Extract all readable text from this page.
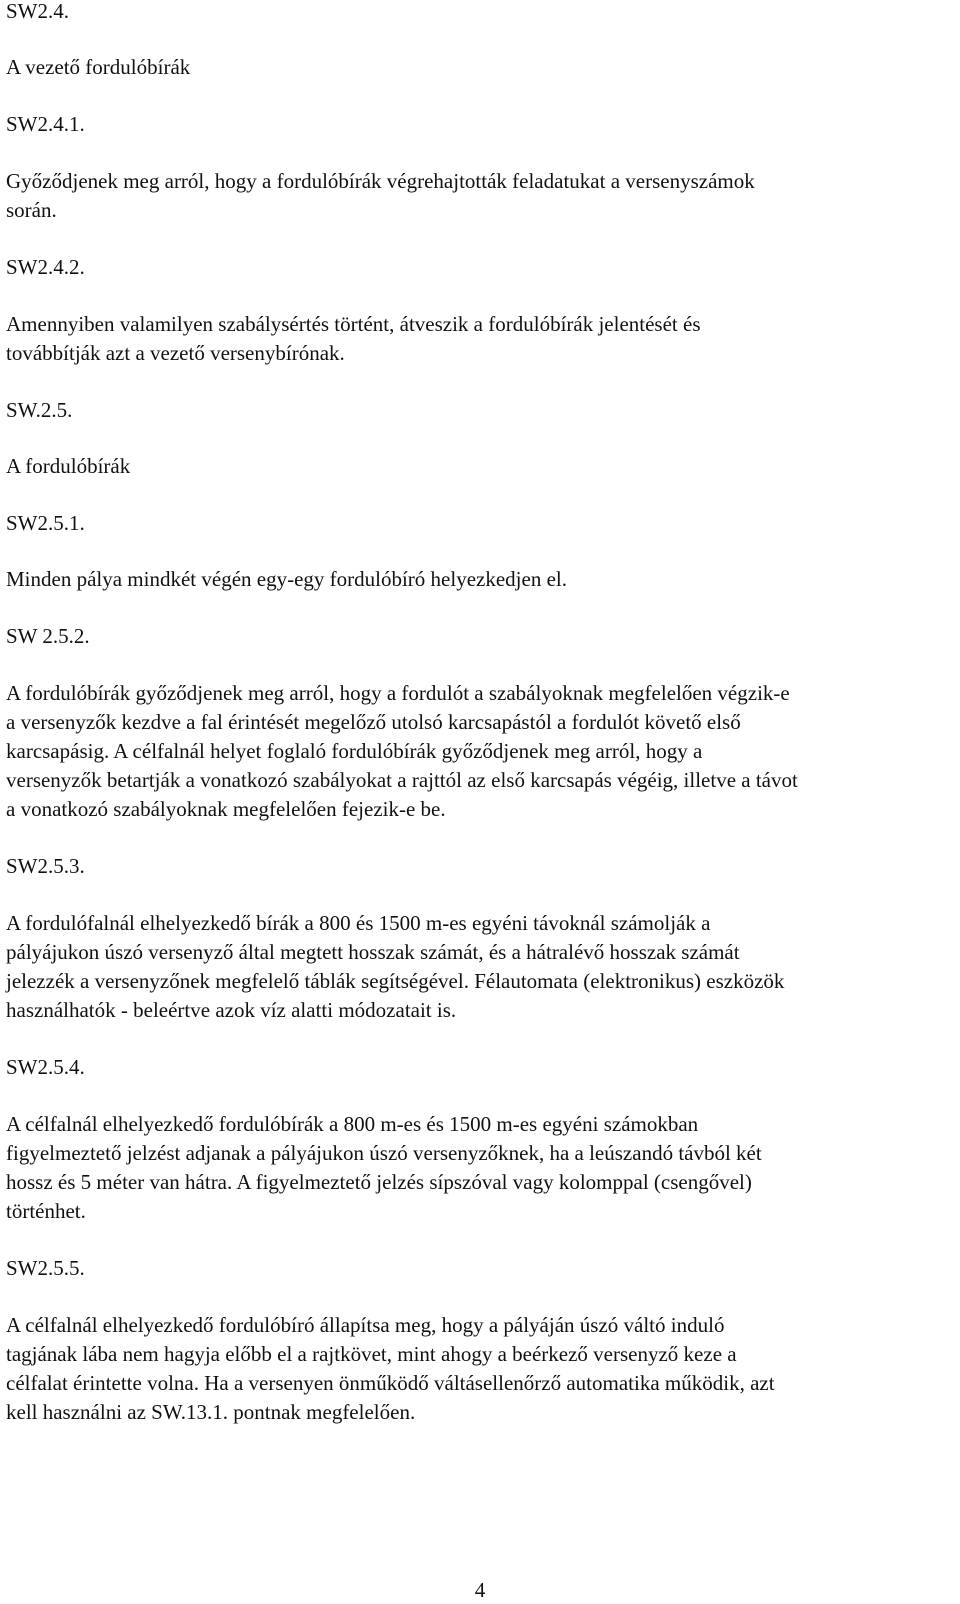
SW2.4.

A vezető fordulóbírák

SW2.4.1.

Győződjenek meg arról, hogy a fordulóbírák végrehajtották feladatukat a versenyszámok

során.

SW2.4.2.

Amennyiben valamilyen szabálysértés történt, átveszik a fordulóbírák jelentését és

továbbítják azt a vezető versenybírónak.

SW.2.5.

A fordulóbírák

SW2.5.1.

Minden pálya mindkét végén egy-egy fordulóbíró helyezkedjen el.

SW 2.5.2.

A fordulóbírák győződjenek meg arról, hogy a fordulót a szabályoknak megfelelően végzik-e

a versenyzők kezdve a fal érintését megelőző utolsó karcsapástól a fordulót követő első

karcsapásig. A célfalnál helyet foglaló fordulóbírák győződjenek meg arról, hogy a

versenyzők betartják a vonatkozó szabályokat a rajttól az első karcsapás végéig, illetve a távot

a vonatkozó szabályoknak megfelelően fejezik-e be.

SW2.5.3.

A fordulófalnál elhelyezkedő bírák a 800 és 1500 m-es egyéni távoknál számolják a

pályájukon úszó versenyző által megtett hosszak számát, és a hátralévő hosszak számát

jelezzék a versenyzőnek megfelelő táblák segítségével. Félautomata (elektronikus) eszközök

használhatók - beleértve azok víz alatti módozatait is.

SW2.5.4.

A célfalnál elhelyezkedő fordulóbírák a 800 m-es és 1500 m-es egyéni számokban

figyelmeztető jelzést adjanak a pályájukon úszó versenyzőknek, ha a leúszandó távból két

hossz és 5 méter van hátra. A figyelmeztető jelzés sípszóval vagy kolomppal (csengővel)

történhet.

SW2.5.5.

A célfalnál elhelyezkedő fordulóbíró állapítsa meg, hogy a pályáján úszó váltó induló

tagjának lába nem hagyja előbb el a rajtkövet, mint ahogy a beérkező versenyző keze a

célfalat érintette volna. Ha a versenyen önműködő váltásellenőrző automatika működik, azt

kell használni az SW.13.1. pontnak megfelelően.

4
